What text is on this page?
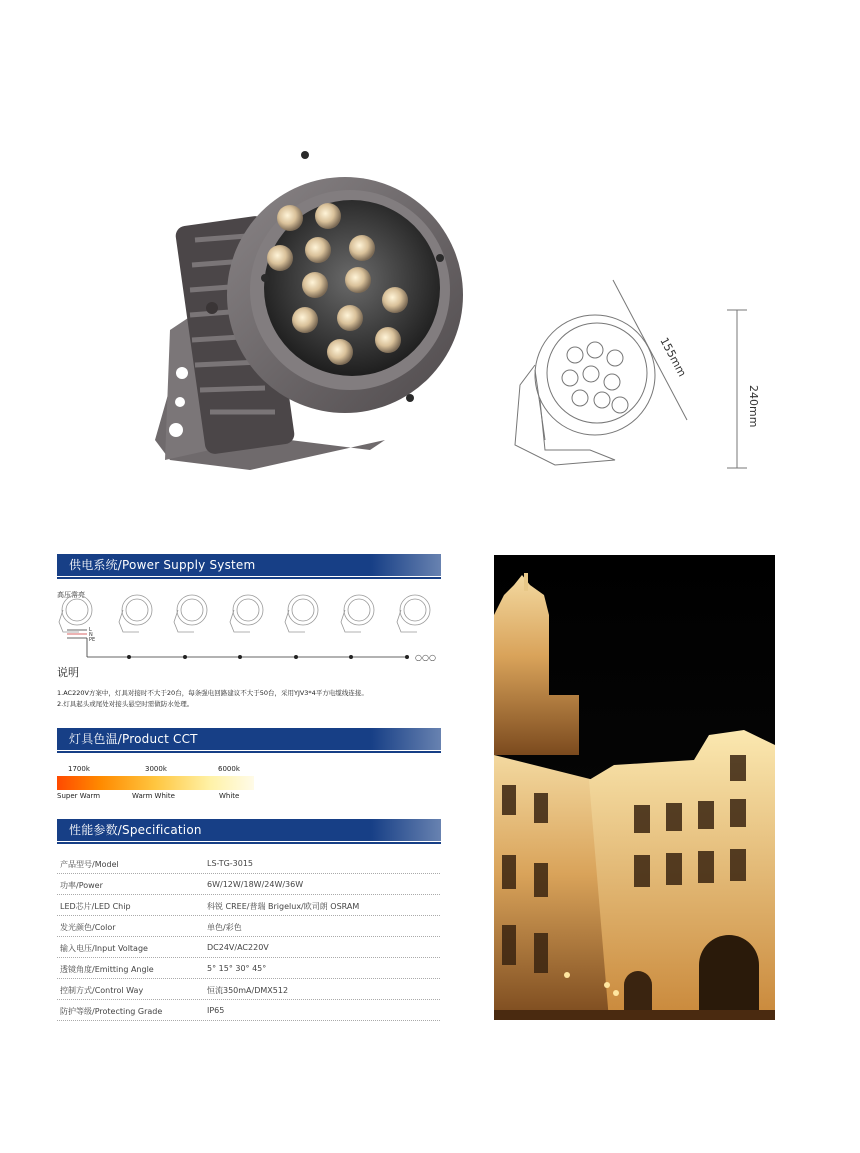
155mm
240mm
供电系统/Power Supply System
高压常亮
L
N
PE
○○○
说明
1.AC220V方案中，灯具对接时不大于20台，每条强电回路建议不大于50台，采用YJV3*4平方电缆线连接。
2.灯具起头或尾处对接头悬空时需做防水处理。
灯具色温/Product CCT
1700k	3000k	6000k
Super Warm	Warm White	White
性能参数/Specification
产品型号/Model	LS-TG-3015
功率/Power	6W/12W/18W/24W/36W
LED芯片/LED Chip	科锐 CREE/普瑞 Brigelux/欧司朗 OSRAM
发光颜色/Color	单色/彩色
输入电压/Input Voltage	DC24V/AC220V
透镜角度/Emitting Angle	5° 15° 30° 45°
控制方式/Control Way	恒流350mA/DMX512
防护等级/Protecting Grade	IP65
